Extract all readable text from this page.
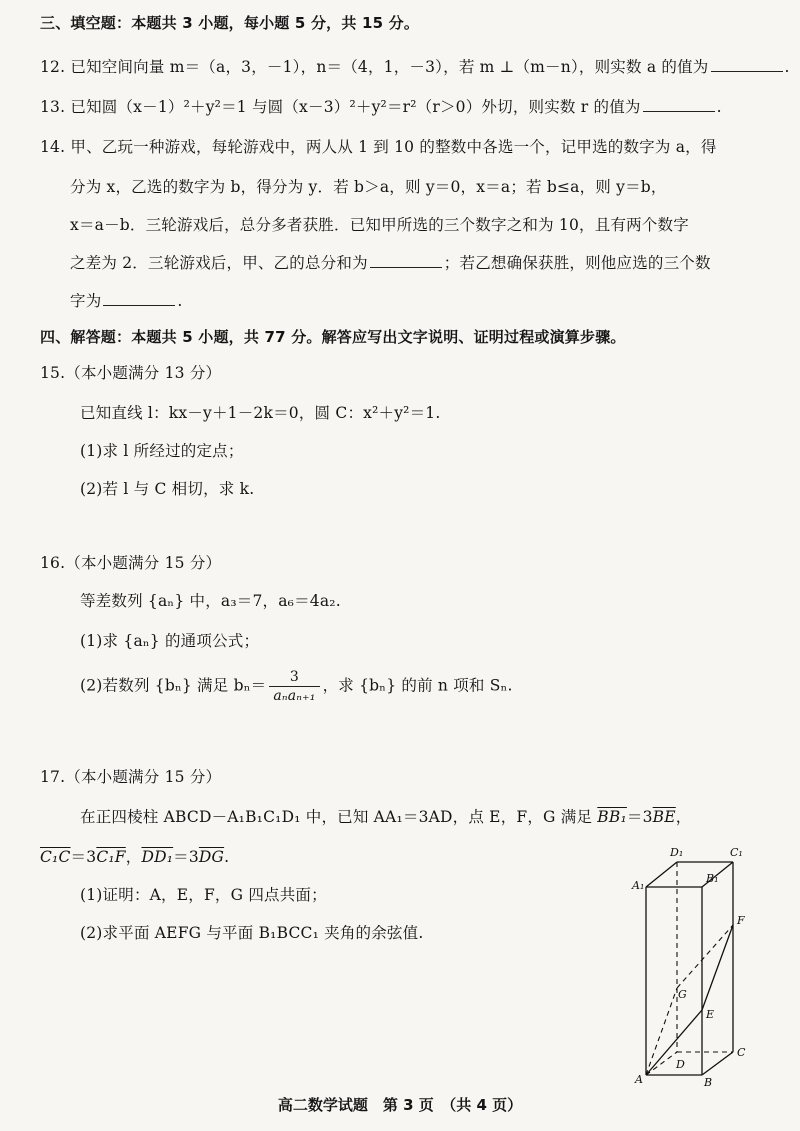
三、填空题：本题共 3 小题，每小题 5 分，共 15 分。
12. 已知空间向量 m＝（a，3，－1），n＝（4，1，－3），若 m ⊥（m－n），则实数 a 的值为	.
13. 已知圆（x－1）²＋y²＝1 与圆（x－3）²＋y²＝r²（r＞0）外切，则实数 r 的值为	.
14. 甲、乙玩一种游戏，每轮游戏中，两人从 1 到 10 的整数中各选一个，记甲选的数字为 a，得
分为 x，乙选的数字为 b，得分为 y．若 b＞a，则 y＝0，x＝a；若 b≤a，则 y＝b，
x＝a－b．三轮游戏后，总分多者获胜．已知甲所选的三个数字之和为 10，且有两个数字
之差为 2．三轮游戏后，甲、乙的总分和为	；若乙想确保获胜，则他应选的三个数
字为	.
四、解答题：本题共 5 小题，共 77 分。解答应写出文字说明、证明过程或演算步骤。
15.（本小题满分 13 分）
已知直线 l：kx－y＋1－2k＝0，圆 C：x²＋y²＝1.
(1)求 l 所经过的定点；
(2)若 l 与 C 相切，求 k.
16.（本小题满分 15 分）
等差数列 {aₙ} 中，a₃＝7，a₆＝4a₂.
(1)求 {aₙ} 的通项公式；
(2)若数列 {bₙ} 满足 $b_n= \frac{3}{\text{aₙaₙ₊₁}}$ ，求 {bₙ} 的前 n 项和 Sₙ.
17.（本小题满分 15 分）
在正四棱柱 ABCD－A₁B₁C₁D₁ 中，已知 AA₁＝3AD，点 E，F，G 满足 $BB_1=3\overline{BE}$，
C₁C＝3C₁F，$DD_1=3\overline{DG}$.
(1)证明：A，E，F，G 四点共面；
(2)求平面 AEFG 与平面 B₁BCC₁ 夹角的余弦值.
D₁	C₁
A₁
B₁
F
G
E
C
D
A	B
高二数学试题　第 3 页　（共 4 页）
